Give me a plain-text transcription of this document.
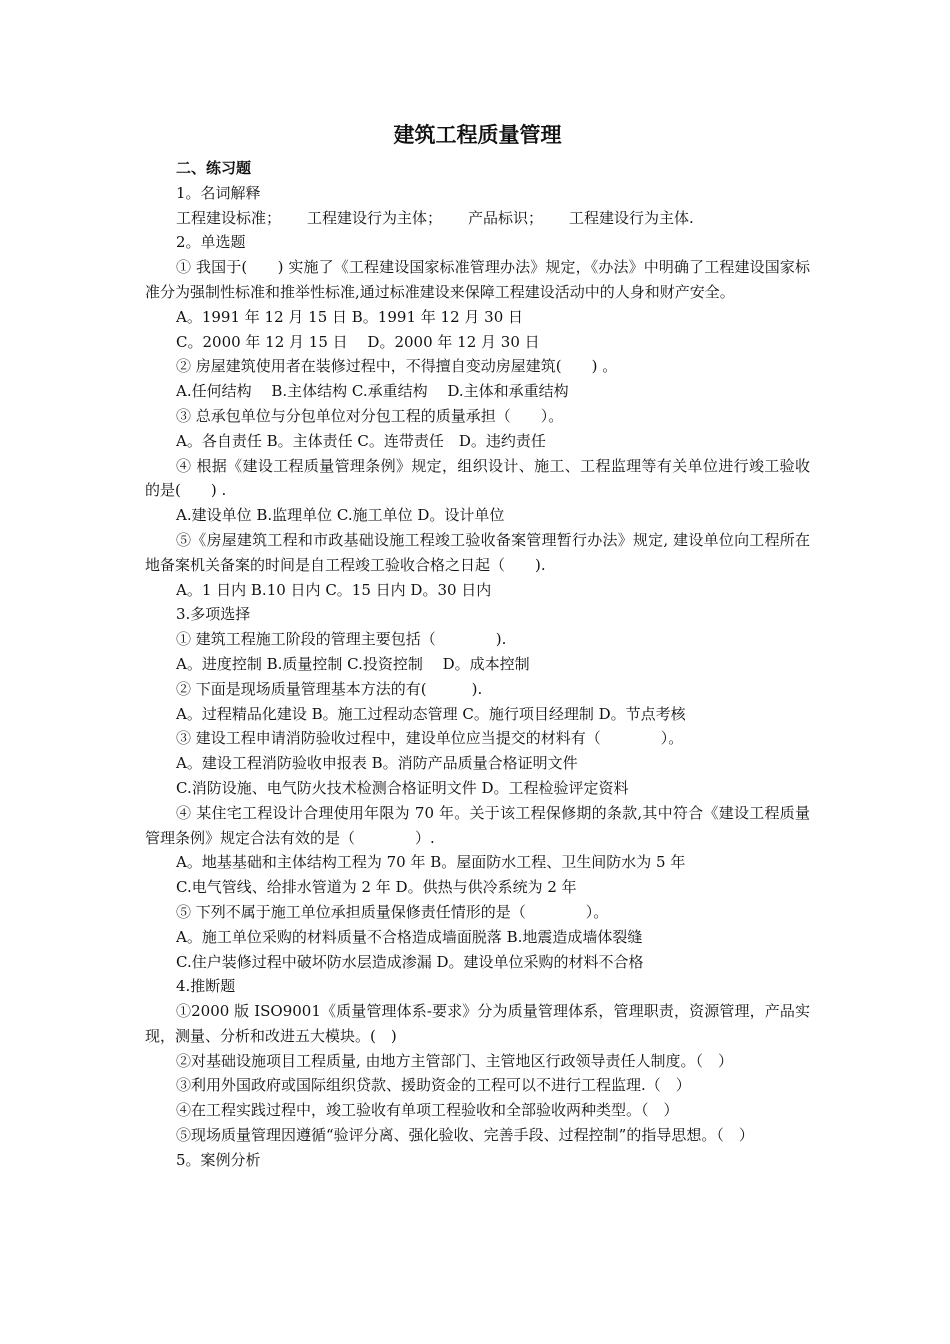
建筑工程质量管理
二、练习题
1。名词解释
工程建设标准； 工程建设行为主体； 产品标识； 工程建设行为主体.
2。单选题
① 我国于(　　) 实施了《工程建设国家标准管理办法》规定，《办法》中明确了工程建设国家标准分为强制性标准和推举性标准,通过标准建设来保障工程建设活动中的人身和财产安全。
A。1991 年 12 月 15 日 B。1991 年 12 月 30 日
C。2000 年 12 月 15 日　 D。2000 年 12 月 30 日
② 房屋建筑使用者在装修过程中，不得擅自变动房屋建筑(　　) 。
A.任何结构　 B.主体结构 C.承重结构　 D.主体和承重结构
③ 总承包单位与分包单位对分包工程的质量承担（　　）。
A。各自责任 B。主体责任 C。连带责任　D。违约责任
④ 根据《建设工程质量管理条例》规定，组织设计、施工、工程监理等有关单位进行竣工验收的是(　　) .
A.建设单位 B.监理单位 C.施工单位 D。设计单位
⑤《房屋建筑工程和市政基础设施工程竣工验收备案管理暂行办法》规定, 建设单位向工程所在地备案机关备案的时间是自工程竣工验收合格之日起（　　).
A。1 日内 B.10 日内 C。15 日内 D。30 日内
3.多项选择
① 建筑工程施工阶段的管理主要包括（　　　　).
A。进度控制 B.质量控制 C.投资控制　 D。成本控制
② 下面是现场质量管理基本方法的有(　　　).
A。过程精品化建设 B。施工过程动态管理 C。施行项目经理制 D。节点考核
③ 建设工程申请消防验收过程中，建设单位应当提交的材料有（　　　　）。
A。建设工程消防验收申报表 B。消防产品质量合格证明文件
C.消防设施、电气防火技术检测合格证明文件 D。工程检验评定资料
④ 某住宅工程设计合理使用年限为 70 年。关于该工程保修期的条款,其中符合《建设工程质量管理条例》规定合法有效的是（　　　　）.
A。地基基础和主体结构工程为 70 年 B。屋面防水工程、卫生间防水为 5 年
C.电气管线、给排水管道为 2 年 D。供热与供冷系统为 2 年
⑤ 下列不属于施工单位承担质量保修责任情形的是（　　　　）。
A。施工单位采购的材料质量不合格造成墙面脱落 B.地震造成墙体裂缝
C.住户装修过程中破坏防水层造成渗漏 D。建设单位采购的材料不合格
4.推断题
①2000 版 ISO9001《质量管理体系-要求》分为质量管理体系，管理职责，资源管理，产品实现，测量、分析和改进五大模块。(　)
②对基础设施项目工程质量, 由地方主管部门、主管地区行政领导责任人制度。（　）
③利用外国政府或国际组织贷款、援助资金的工程可以不进行工程监理.（　）
④在工程实践过程中，竣工验收有单项工程验收和全部验收两种类型。（　）
⑤现场质量管理因遵循“验评分离、强化验收、完善手段、过程控制”的指导思想。（　）
5。案例分析
